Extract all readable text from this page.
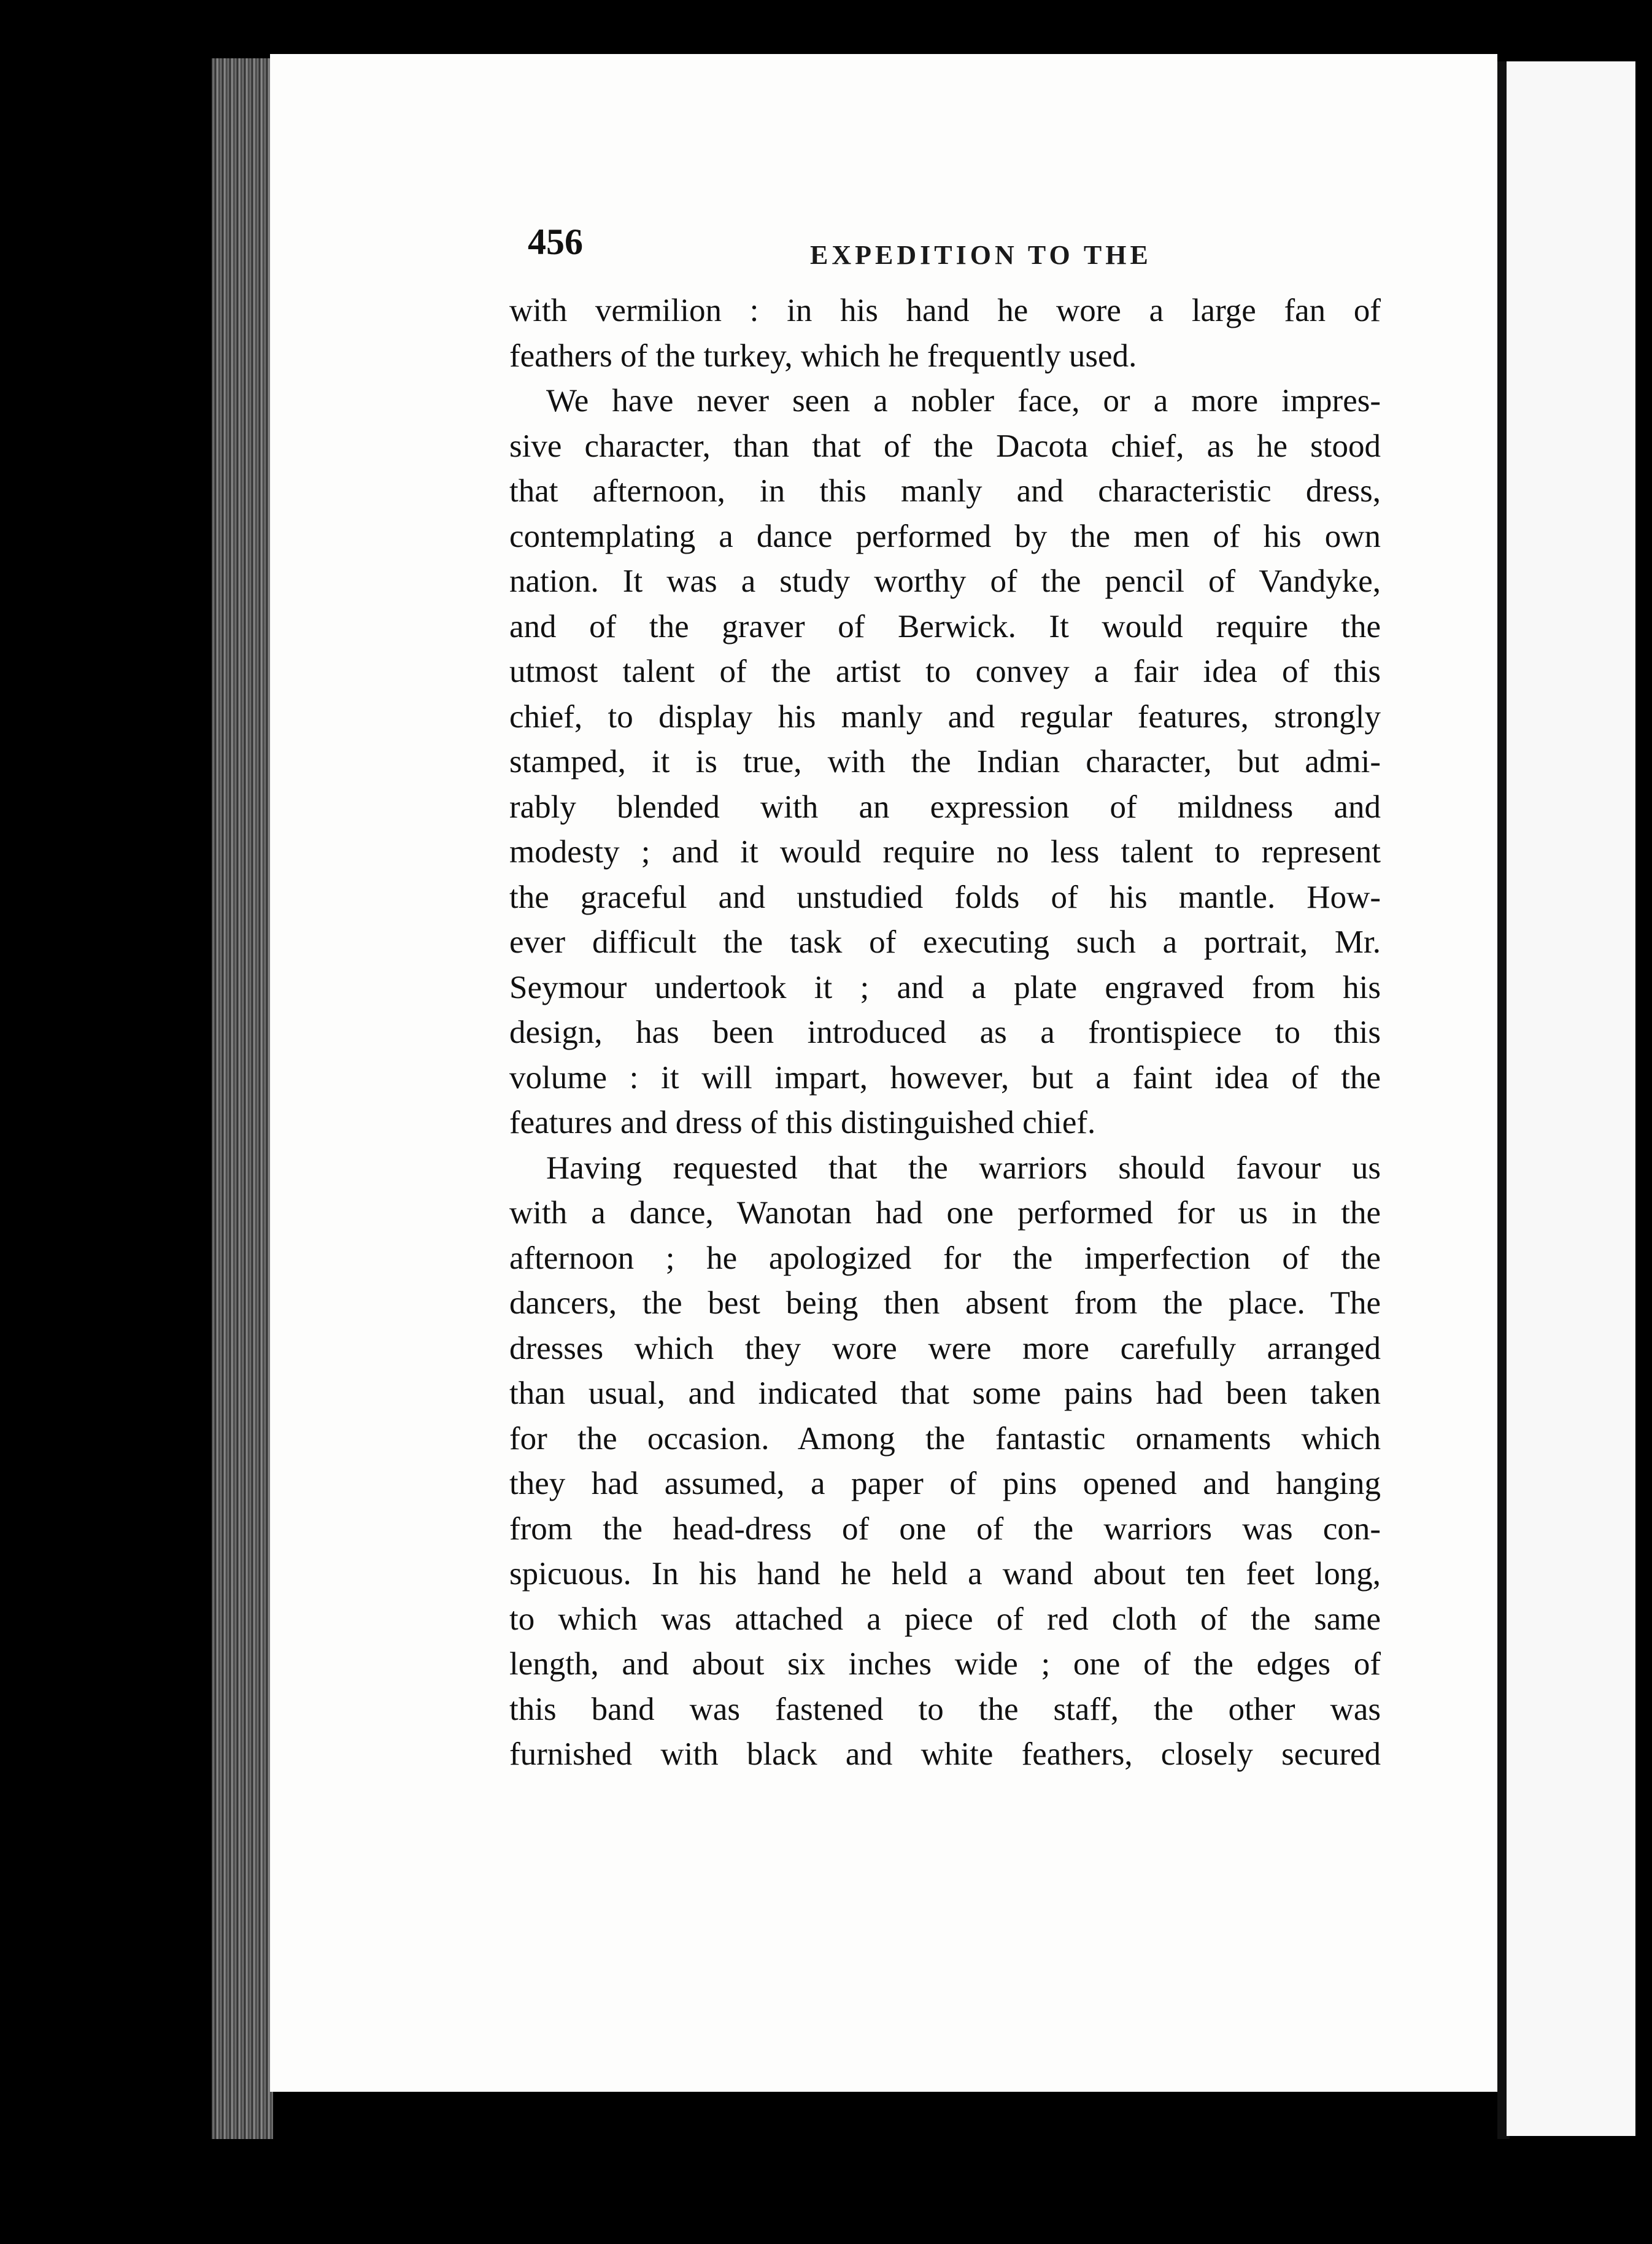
456	EXPEDITION TO THE
with vermilion : in his hand he wore a large fan of
feathers of the turkey, which he frequently used.
We have never seen a nobler face, or a more impres-
sive character, than that of the Dacota chief, as he stood
that afternoon, in this manly and characteristic dress,
contemplating a dance performed by the men of his own
nation. It was a study worthy of the pencil of Vandyke,
and of the graver of Berwick. It would require the
utmost talent of the artist to convey a fair idea of this
chief, to display his manly and regular features, strongly
stamped, it is true, with the Indian character, but admi-
rably blended with an expression of mildness and
modesty ; and it would require no less talent to represent
the graceful and unstudied folds of his mantle. How-
ever difficult the task of executing such a portrait, Mr.
Seymour undertook it ; and a plate engraved from his
design, has been introduced as a frontispiece to this
volume : it will impart, however, but a faint idea of the
features and dress of this distinguished chief.
Having requested that the warriors should favour us
with a dance, Wanotan had one performed for us in the
afternoon ; he apologized for the imperfection of the
dancers, the best being then absent from the place. The
dresses which they wore were more carefully arranged
than usual, and indicated that some pains had been taken
for the occasion. Among the fantastic ornaments which
they had assumed, a paper of pins opened and hanging
from the head-dress of one of the warriors was con-
spicuous. In his hand he held a wand about ten feet long,
to which was attached a piece of red cloth of the same
length, and about six inches wide ; one of the edges of
this band was fastened to the staff, the other was
furnished with black and white feathers, closely secured
